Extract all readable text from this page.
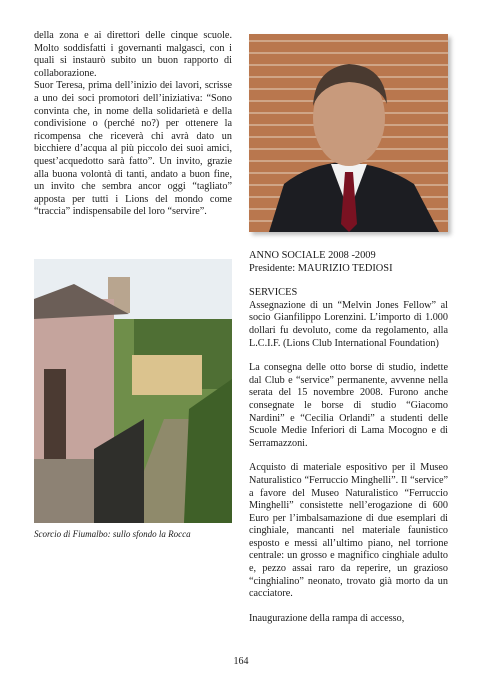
della zona e ai direttori delle cinque scuole. Molto soddisfatti i governanti malgasci, con i quali si instaurò subito un buon rapporto di collaborazione.

Suor Teresa, prima dell’inizio dei lavori, scrisse a uno dei soci promotori dell’iniziativa: “Sono convinta che, in nome della solidarietà e della condivisione o (perché no?) per ottenere la ricompensa che riceverà chi avrà dato un bicchiere d’acqua al più piccolo dei suoi amici, quest’acquedotto sarà fatto”. Un invito, grazie alla buona volontà di tanti, andato a buon fine, un invito che sembra ancor oggi “tagliato” apposta per tutti i Lions del mondo come “traccia” indispensabile del loro “servire”.

Scorcio di Fiumalbo: sullo sfondo la Rocca

ANNO SOCIALE 2008 -2009

Presidente: MAURIZIO TEDIOSI

SERVICES

Assegnazione di un “Melvin Jones Fellow” al socio Gianfilippo Lorenzini. L’importo di 1.000 dollari fu devoluto, come da regolamento, alla L.C.I.F. (Lions Club International Foundation)

La consegna delle otto borse di studio, indette dal Club e “service” permanente, avvenne nella serata del 15 novembre 2008. Furono anche consegnate le borse di studio “Giacomo Nardini” e “Cecilia Orlandi” a studenti delle Scuole Medie Inferiori di Lama Mocogno e di Serramazzoni.

Acquisto di materiale espositivo per il Museo Naturalistico “Ferruccio Minghelli”. Il “service” a favore del Museo Naturalistico “Ferruccio Minghelli” consistette nell’erogazione di 600 Euro per l’imbalsamazione di due esemplari di cinghiale, mancanti nel materiale faunistico esposto e messi all’ultimo piano, nel torrione centrale: un grosso e magnifico cinghiale adulto e, pezzo assai raro da reperire, un grazioso “cinghialino” neonato, trovato già morto da un cacciatore.

Inaugurazione della rampa di accesso,

164
